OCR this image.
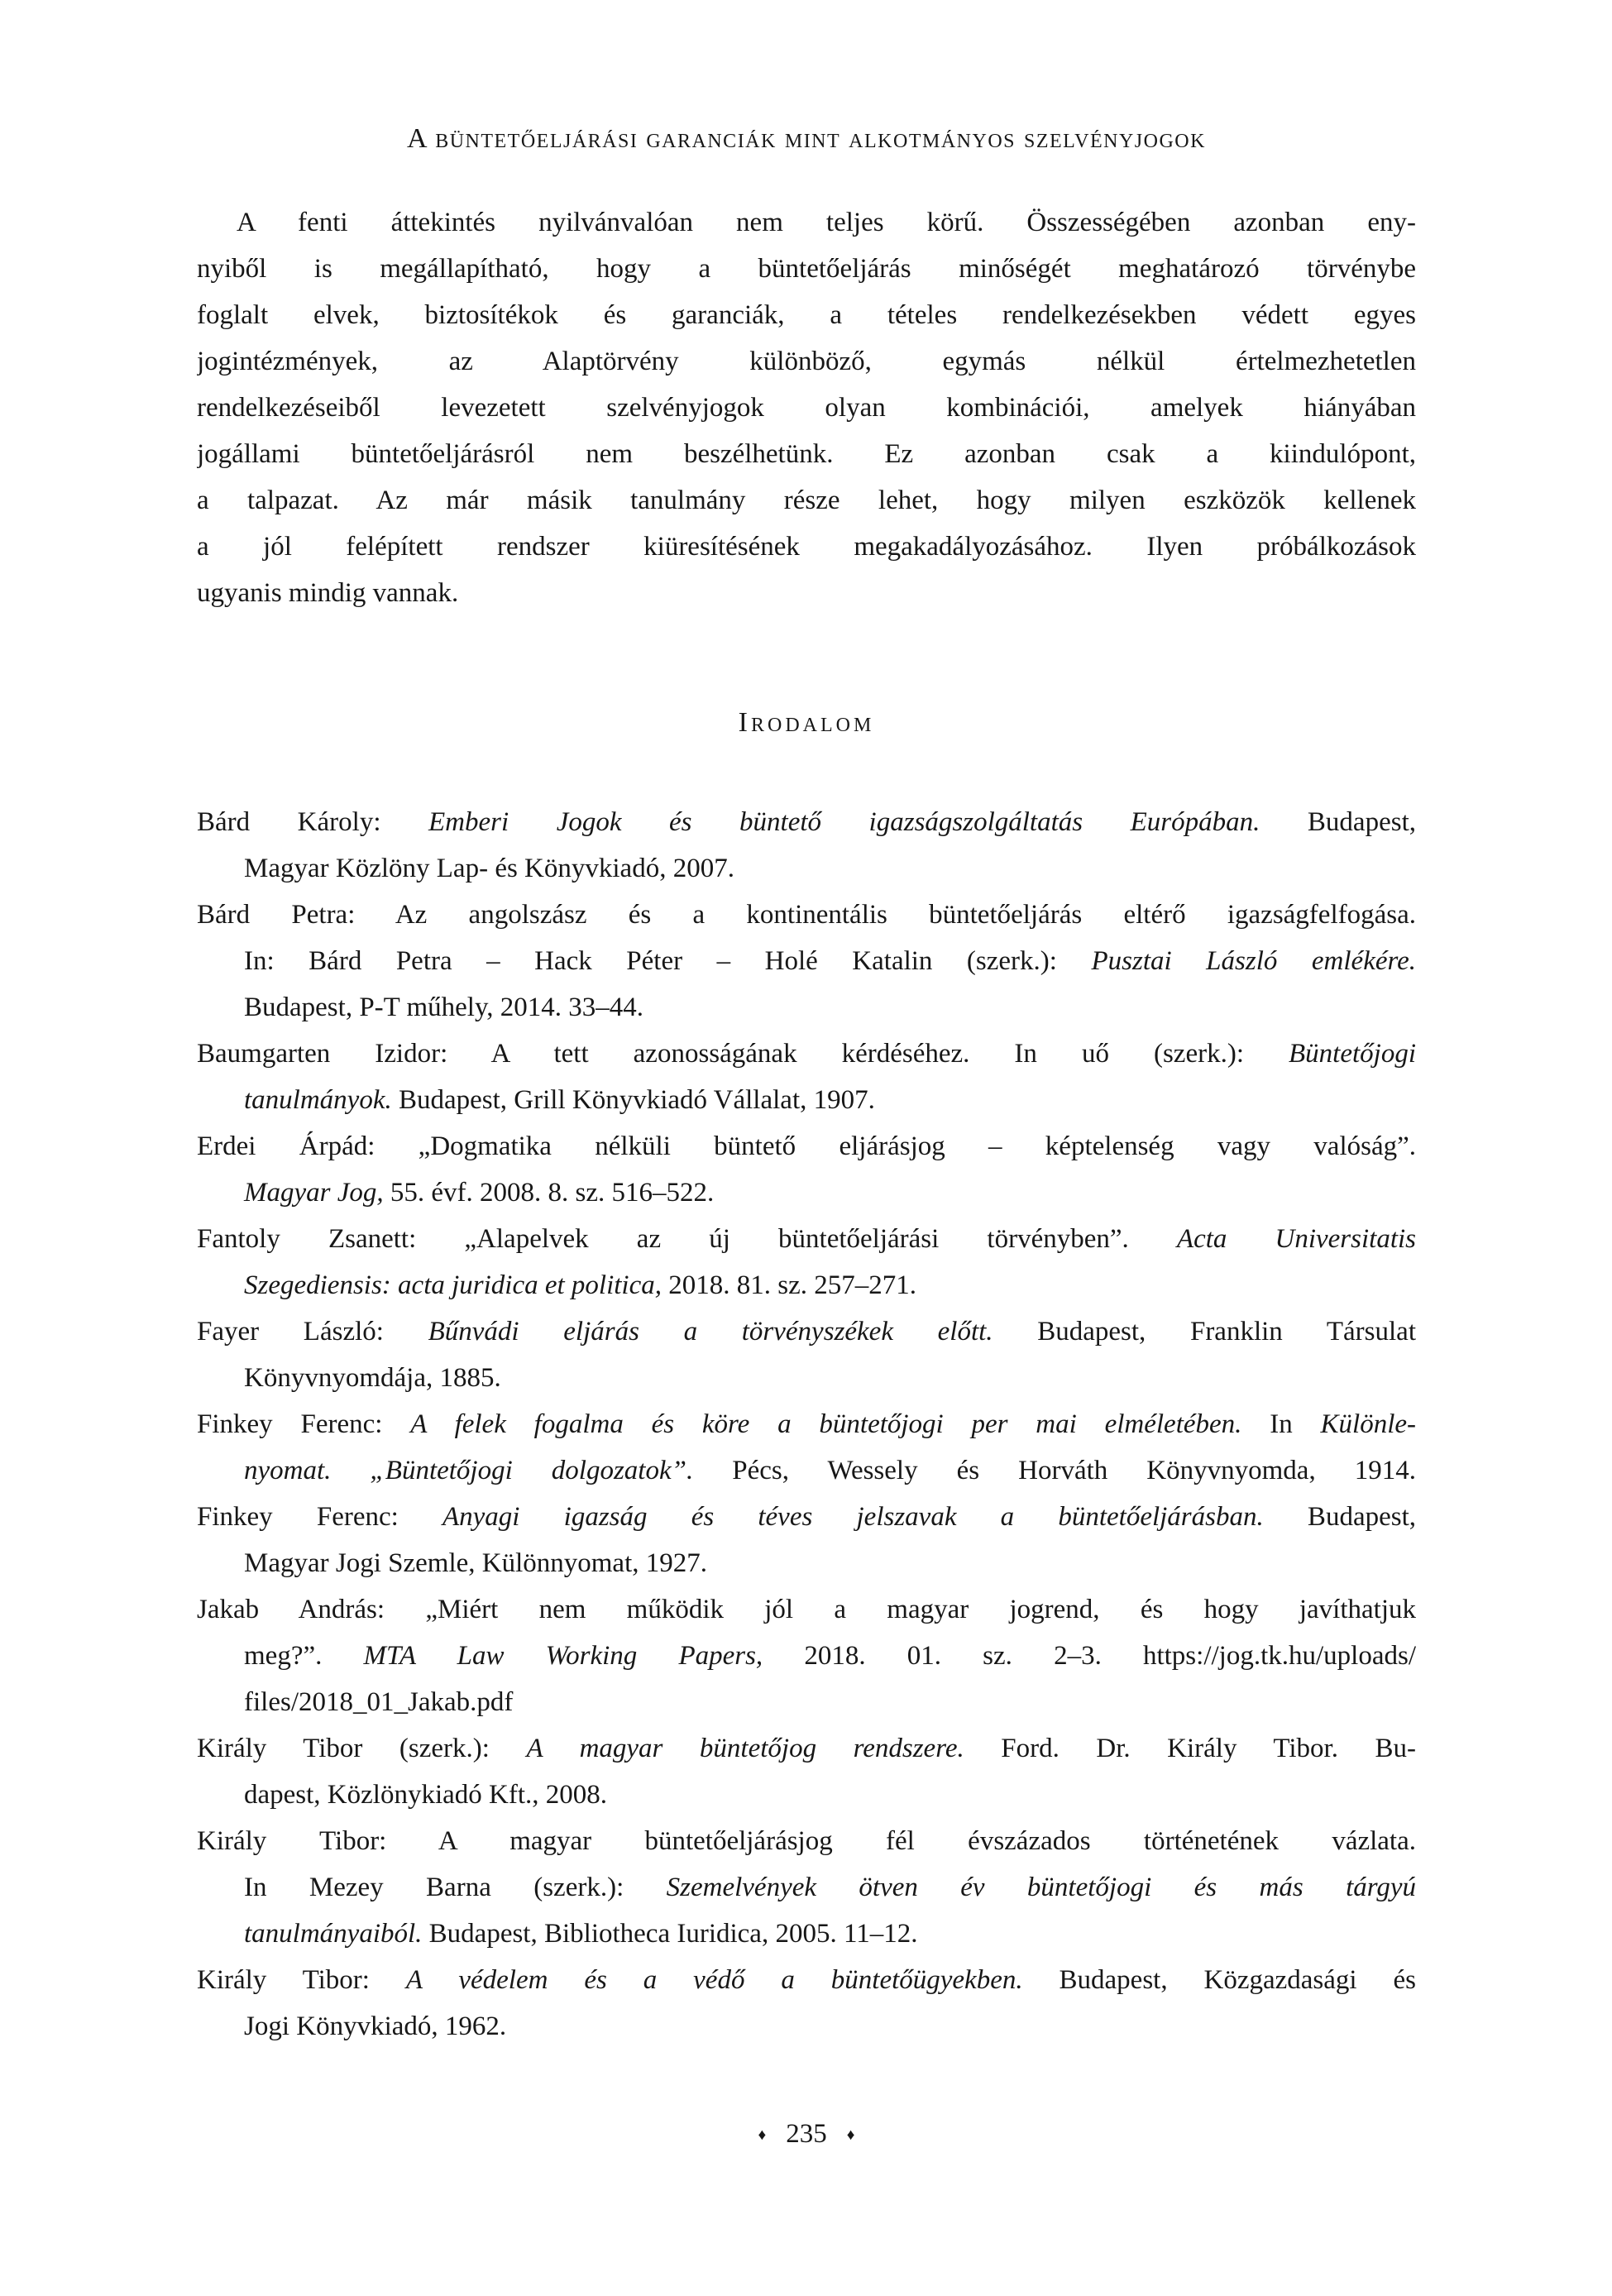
A büntetőeljárási garanciák mint alkotmányos szelvényjogok
A fenti áttekintés nyilvánvalóan nem teljes körű. Összességében azonban eny-
nyiből is megállapítható, hogy a büntetőeljárás minőségét meghatározó törvénybe
foglalt elvek, biztosítékok és garanciák, a tételes rendelkezésekben védett egyes
jogintézmények, az Alaptörvény különböző, egymás nélkül értelmezhetetlen
rendelkezéseiből levezetett szelvényjogok olyan kombinációi, amelyek hiányában
jogállami büntetőeljárásról nem beszélhetünk. Ez azonban csak a kiindulópont,
a talpazat. Az már másik tanulmány része lehet, hogy milyen eszközök kellenek
a jól felépített rendszer kiüresítésének megakadályozásához. Ilyen próbálkozások
ugyanis mindig vannak.
Irodalom
Bárd Károly: Emberi Jogok és büntető igazságszolgáltatás Európában. Budapest,
Magyar Közlöny Lap- és Könyvkiadó, 2007.
Bárd Petra: Az angolszász és a kontinentális büntetőeljárás eltérő igazságfelfogása.
In: Bárd Petra – Hack Péter – Holé Katalin (szerk.): Pusztai László emlékére.
Budapest, P-T műhely, 2014. 33–44.
Baumgarten Izidor: A tett azonosságának kérdéséhez. In uő (szerk.): Büntetőjogi
tanulmányok. Budapest, Grill Könyvkiadó Vállalat, 1907.
Erdei Árpád: „Dogmatika nélküli büntető eljárásjog – képtelenség vagy valóság”.
Magyar Jog, 55. évf. 2008. 8. sz. 516–522.
Fantoly Zsanett: „Alapelvek az új büntetőeljárási törvényben”. Acta Universitatis
Szegediensis: acta juridica et politica, 2018. 81. sz. 257–271.
Fayer László: Bűnvádi eljárás a törvényszékek előtt. Budapest, Franklin Társulat
Könyvnyomdája, 1885.
Finkey Ferenc: A felek fogalma és köre a büntetőjogi per mai elméletében. In Különle-
nyomat. „Büntetőjogi dolgozatok”. Pécs, Wessely és Horváth Könyvnyomda, 1914.
Finkey Ferenc: Anyagi igazság és téves jelszavak a büntetőeljárásban. Budapest,
Magyar Jogi Szemle, Különnyomat, 1927.
Jakab András: „Miért nem működik jól a magyar jogrend, és hogy javíthatjuk
meg?”. MTA Law Working Papers, 2018. 01. sz. 2–3. https://jog.tk.hu/uploads/
files/2018_01_Jakab.pdf
Király Tibor (szerk.): A magyar büntetőjog rendszere. Ford. Dr. Király Tibor. Bu-
dapest, Közlönykiadó Kft., 2008.
Király Tibor: A magyar büntetőeljárásjog fél évszázados történetének vázlata.
In Mezey Barna (szerk.): Szemelvények ötven év büntetőjogi és más tárgyú
tanulmányaiból. Budapest, Bibliotheca Iuridica, 2005. 11–12.
Király Tibor: A védelem és a védő a büntetőügyekben. Budapest, Közgazdasági és
Jogi Könyvkiadó, 1962.
♦ 235 ♦
